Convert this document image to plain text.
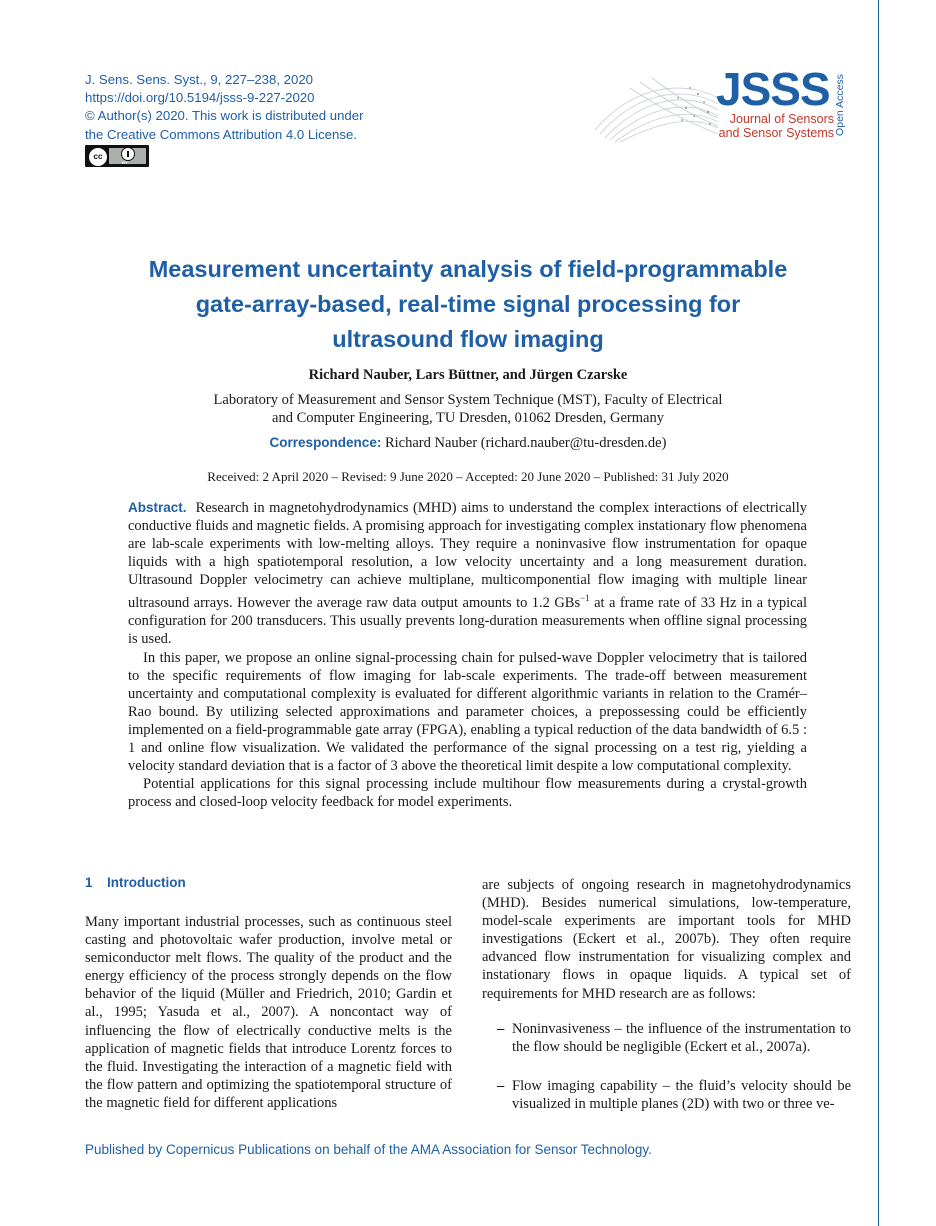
J. Sens. Sens. Syst., 9, 227–238, 2020
https://doi.org/10.5194/jsss-9-227-2020
© Author(s) 2020. This work is distributed under
the Creative Commons Attribution 4.0 License.
cc
BY
JSSS
Journal of Sensors
and Sensor Systems Open Access
Measurement uncertainty analysis of field-programmable
gate-array-based, real-time signal processing for
ultrasound flow imaging
Richard Nauber, Lars Büttner, and Jürgen Czarske
Laboratory of Measurement and Sensor System Technique (MST), Faculty of Electrical
and Computer Engineering, TU Dresden, 01062 Dresden, Germany
Correspondence: Richard Nauber (richard.nauber@tu-dresden.de)
Received: 2 April 2020 – Revised: 9 June 2020 – Accepted: 20 June 2020 – Published: 31 July 2020

Abstract. Research in magnetohydrodynamics (MHD) aims to understand the complex interactions of electrically conductive fluids and magnetic fields. A promising approach for investigating complex instationary flow phenomena are lab-scale experiments with low-melting alloys. They require a noninvasive flow instrumentation for opaque liquids with a high spatiotemporal resolution, a low velocity uncertainty and a long measurement duration. Ultrasound Doppler velocimetry can achieve multiplane, multicomponential flow imaging with multiple linear ultrasound arrays. However the average raw data output amounts to 1.2 GBs$^{-1}$ at a frame rate of 33 Hz in a typical configuration for 200 transducers. This usually prevents long-duration measurements when offline signal processing is used.

In this paper, we propose an online signal-processing chain for pulsed-wave Doppler velocimetry that is tailored to the specific requirements of flow imaging for lab-scale experiments. The trade-off between measurement uncertainty and computational complexity is evaluated for different algorithmic variants in relation to the Cramér–Rao bound. By utilizing selected approximations and parameter choices, a prepossessing could be efficiently implemented on a field-programmable gate array (FPGA), enabling a typical reduction of the data bandwidth of 6.5 : 1 and online flow visualization. We validated the performance of the signal processing on a test rig, yielding a velocity standard deviation that is a factor of 3 above the theoretical limit despite a low computational complexity.

Potential applications for this signal processing include multihour flow measurements during a crystal-growth process and closed-loop velocity feedback for model experiments.

1 Introduction

Many important industrial processes, such as continuous steel casting and photovoltaic wafer production, involve metal or semiconductor melt flows. The quality of the product and the energy efficiency of the process strongly depends on the flow behavior of the liquid (Müller and Friedrich, 2010; Gardin et al., 1995; Yasuda et al., 2007). A noncontact way of influencing the flow of electrically conductive melts is the application of magnetic fields that introduce Lorentz forces to the fluid. Investigating the interaction of a magnetic field with the flow pattern and optimizing the spatiotemporal structure of the magnetic field for different applications

are subjects of ongoing research in magnetohydrodynamics (MHD). Besides numerical simulations, low-temperature, model-scale experiments are important tools for MHD investigations (Eckert et al., 2007b). They often require advanced flow instrumentation for visualizing complex and instationary flows in opaque liquids. A typical set of requirements for MHD research are as follows:

– Noninvasiveness – the influence of the instrumentation to the flow should be negligible (Eckert et al., 2007a).
– Flow imaging capability – the fluid’s velocity should be visualized in multiple planes (2D) with two or three ve-
Published by Copernicus Publications on behalf of the AMA Association for Sensor Technology.
